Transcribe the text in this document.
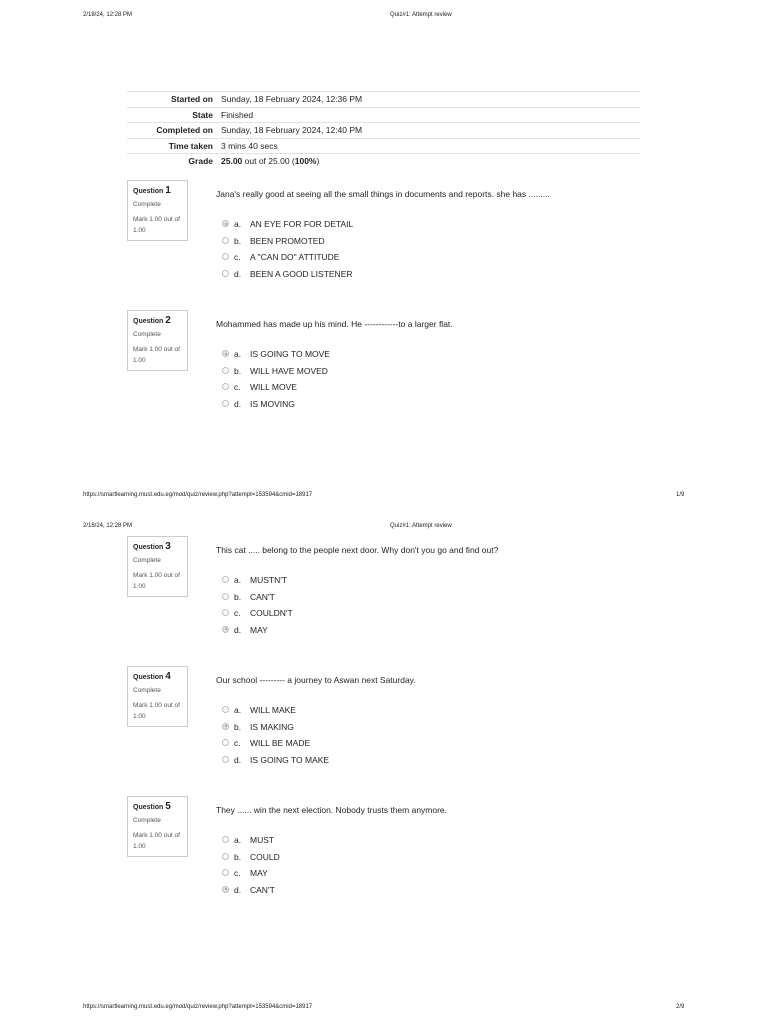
2/18/24, 12:28 PM	Quiz#1: Attempt review
Started on Sunday, 18 February 2024, 12:36 PM
State Finished
Completed on Sunday, 18 February 2024, 12:40 PM
Time taken 3 mins 40 secs
Grade 25.00 out of 25.00 (100%)
Question 1
Complete
Mark 1.00 out of 1.00
Jana's really good at seeing all the small things in documents and reports. she has .........
a. AN EYE FOR FOR DETAIL
b. BEEN PROMOTED
c. A "CAN DO" ATTITUDE
d. BEEN A GOOD LISTENER
Question 2
Complete
Mark 1.00 out of 1.00
Mohammed has made up his mind. He ------------to a larger flat.
a. IS GOING TO MOVE
b. WILL HAVE MOVED
c. WILL MOVE
d. IS MOVING
Question 3
Complete
Mark 1.00 out of 1.00
This cat ..... belong to the people next door. Why don't you go and find out?
a. MUSTN'T
b. CAN'T
c. COULDN'T
d. MAY
Question 4
Complete
Mark 1.00 out of 1.00
Our school --------- a journey to Aswan next Saturday.
a. WILL MAKE
b. IS MAKING
c. WILL BE MADE
d. IS GOING TO MAKE
Question 5
Complete
Mark 1.00 out of 1.00
They ...... win the next election. Nobody trusts them anymore.
a. MUST
b. COULD
c. MAY
d. CAN'T
https://smartlearning.must.edu.eg/mod/quiz/review.php?attempt=153594&cmid=18917	1/9
2/18/24, 12:28 PM	Quiz#1: Attempt review
https://smartlearning.must.edu.eg/mod/quiz/review.php?attempt=153594&cmid=18917	2/9
